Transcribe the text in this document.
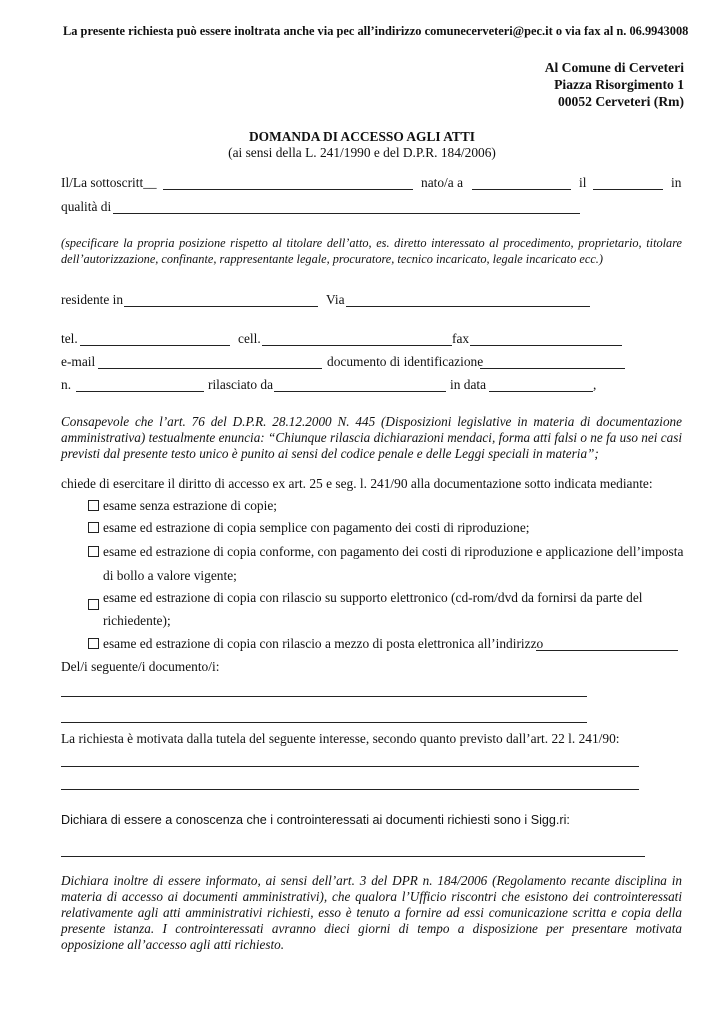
La presente richiesta può essere inoltrata anche via pec all’indirizzo comunecerveteri@pec.it o via fax al n. 06.9943008
Al Comune di Cerveteri
Piazza Risorgimento 1
00052 Cerveteri (Rm)
DOMANDA DI ACCESSO AGLI ATTI
(ai sensi della L. 241/1990 e del D.P.R. 184/2006)
Il/La sottoscritt__	nato/a a	il	in
qualità di
(specificare la propria posizione rispetto al titolare dell’atto, es. diretto interessato al procedimento, proprietario, titolare dell’autorizzazione, confinante, rappresentante legale, procuratore, tecnico incaricato, legale incaricato ecc.)
residente in	Via
tel.	cell.	fax
e-mail	documento di identificazione
n.	rilasciato da	in data	,
Consapevole che l’art. 76 del D.P.R. 28.12.2000 N. 445 (Disposizioni legislative in materia di documentazione amministrativa) testualmente enuncia: “Chiunque rilascia dichiarazioni mendaci, forma atti falsi o ne fa uso nei casi previsti dal presente testo unico è punito ai sensi del codice penale e delle Leggi speciali in materia”;
chiede di esercitare il diritto di accesso ex art. 25 e seg. l. 241/90 alla documentazione sotto indicata mediante:
esame senza estrazione di copie;
esame ed estrazione di copia semplice con pagamento dei costi di riproduzione;
esame ed estrazione di copia conforme, con pagamento dei costi di riproduzione e applicazione dell’imposta
di bollo a valore vigente;
esame ed estrazione di copia con rilascio su supporto elettronico (cd-rom/dvd da fornirsi da parte del
richiedente);
esame ed estrazione di copia con rilascio a mezzo di posta elettronica all’indirizzo
Del/i seguente/i documento/i:
La richiesta è motivata dalla tutela del seguente interesse, secondo quanto previsto dall’art. 22 l. 241/90:
Dichiara di essere a conoscenza che i controinteressati ai documenti richiesti sono i Sigg.ri:
Dichiara inoltre di essere informato, ai sensi dell’art. 3 del DPR n. 184/2006 (Regolamento recante disciplina in materia di accesso ai documenti amministrativi), che qualora l’Ufficio riscontri che esistono dei controinteressati relativamente agli atti amministrativi richiesti, esso è tenuto a fornire ad essi comunicazione scritta e copia della presente istanza. I controinteressati avranno dieci giorni di tempo a disposizione per presentare motivata opposizione all’accesso agli atti richiesto.
